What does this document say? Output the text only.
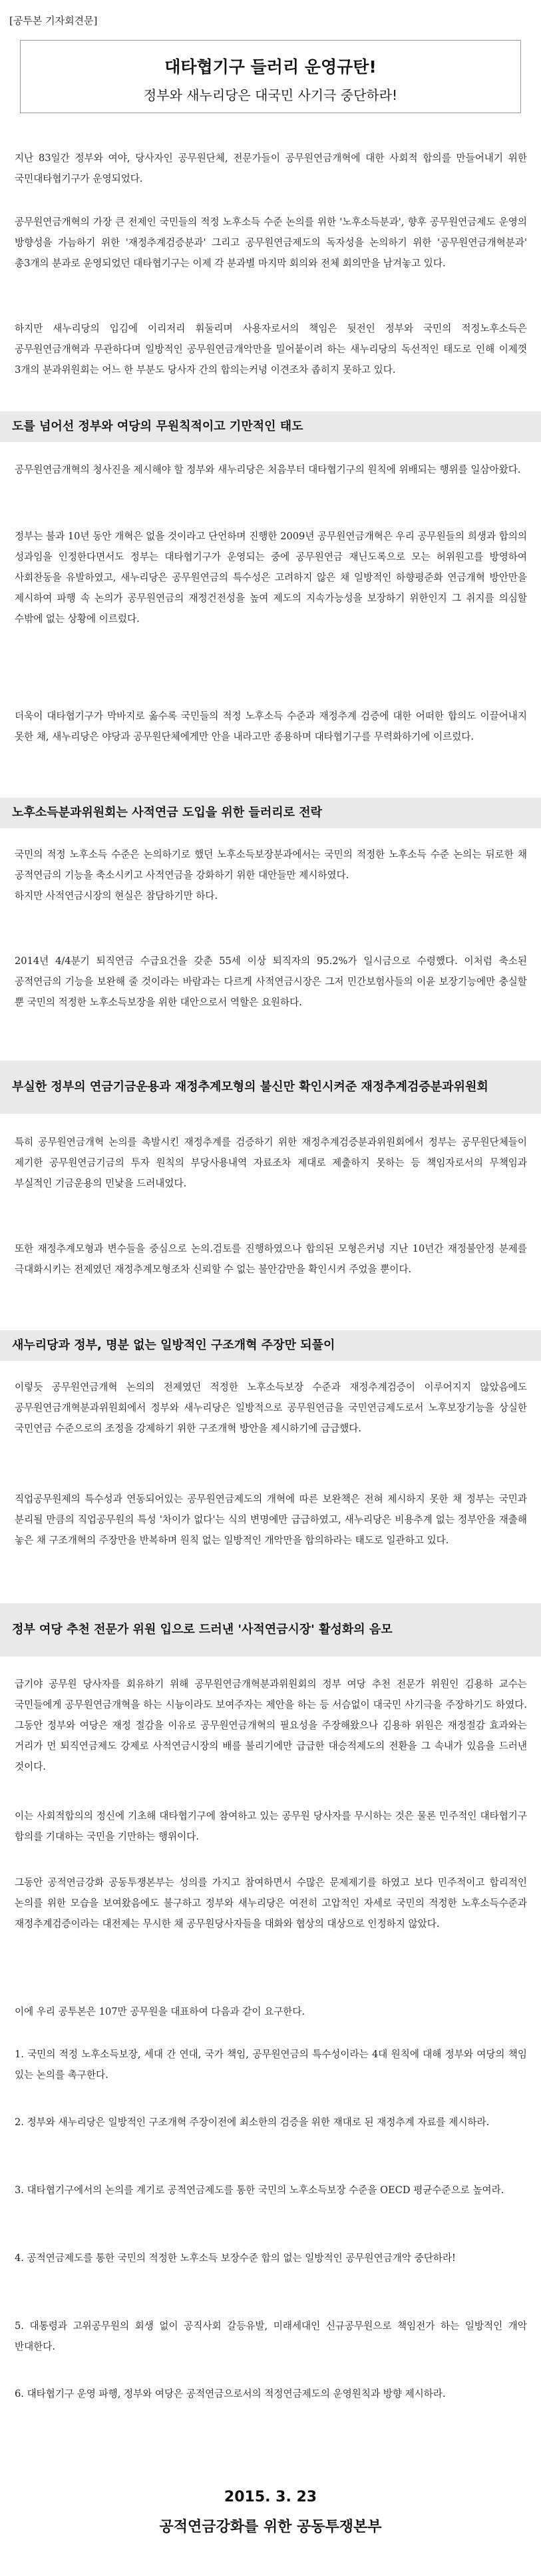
[공투본 기자회견문]
대타협기구 들러리 운영규탄!
정부와 새누리당은 대국민 사기극 중단하라!

지난 83일간 정부와 여야, 당사자인 공무원단체, 전문가들이 공무원연금개혁에 대한 사회적 합의를 만들어내기 위한 국민대타협기구가 운영되었다.

공무원연금개혁의 가장 큰 전제인 국민들의 적정 노후소득 수준 논의를 위한 '노후소득분과', 향후 공무원연금제도 운영의 방향성을 가늠하기 위한 '재정추계검증분과' 그리고 공무원연금제도의 독자성을 논의하기 위한 '공무원연금개혁분과' 총3개의 분과로 운영되었던 대타협기구는 이제 각 분과별 마지막 회의와 전체 회의만을 남겨놓고 있다.

하지만 새누리당의 입김에 이리저리 휘둘리며 사용자로서의 책임은 뒷전인 정부와 국민의 적정노후소득은 공무원연금개혁과 무관하다며 일방적인 공무원연금개악만을 밀어붙이려 하는 새누리당의 독선적인 태도로 인해 이제껏 3개의 분과위원회는 어느 한 부분도 당사자 간의 합의는커녕 이견조차 좁히지 못하고 있다.

도를 넘어선 정부와 여당의 무원칙적이고 기만적인 태도

공무원연금개혁의 청사진을 제시해야 할 정부와 새누리당은 처음부터 대타협기구의 원칙에 위배되는 행위를 일삼아왔다.

정부는 불과 10년 동안 개혁은 없을 것이라고 단언하며 진행한 2009년 공무원연금개혁은 우리 공무원들의 희생과 합의의 성과임을 인정한다면서도 정부는 대타협기구가 운영되는 중에 공무원연금 재닌도록으로 모는 허위원고를 방영하여 사회찬동을 유발하였고, 새누리당은 공무원연금의 특수성은 고려하지 않은 채 일방적인 하향평준화 연금개혁 방안만을 제시하여 파행 속 논의가 공무원연금의 재정건전성을 높여 제도의 지속가능성을 보장하기 위한인지 그 취지를 의심할 수밖에 없는 상황에 이르렀다.

더욱이 대타협기구가 막바지로 옮수록 국민들의 적정 노후소득 수준과 재정추계 검증에 대한 어떠한 합의도 이끌어내지 못한 채, 새누리당은 야당과 공무원단체에게만 안을 내라고만 종용하며 대타협기구를 무력화하기에 이르렀다.

노후소득분과위원회는 사적연금 도입을 위한 들러리로 전락

국민의 적정 노후소득 수준은 논의하기로 했던 노후소득보장분과에서는 국민의 적정한 노후소득 수준 논의는 뒤로한 채 공적연금의 기능을 축소시키고 사적연금을 강화하기 위한 대안들만 제시하였다.
하지만 사적연금시장의 현실은 참담하기만 하다.

2014년 4/4분기 퇴직연금 수급요건을 갖춘 55세 이상 퇴직자의 95.2%가 일시금으로 수령했다. 이처럼 축소된 공적연금의 기능을 보완해 줄 것이라는 바람과는 다르게 사적연금시장은 그저 민간보험사들의 이윤 보장기능에만 충실할 뿐 국민의 적정한 노후소득보장을 위한 대안으로서 역할은 요원하다.

부실한 정부의 연금기금운용과 재정추계모형의 불신만 확인시켜준 재정추계검증분과위원회

특히 공무원연금개혁 논의를 촉발시킨 재정추계를 검증하기 위한 재정추계검증분과위원회에서 정부는 공무원단체들이 제기한 공무원연금기금의 투자 원칙의 부당사용내역 자료조차 제대로 제출하지 못하는 등 책임자로서의 무책임과 부실적인 기금운용의 민낯을 드러내었다.

또한 재정추계모형과 변수들을 중심으로 논의.검토를 진행하였으나 합의된 모형은커녕 지난 10년간 재정불안정 분제를 극대화시키는 전제였던 재정추계모형조차 신뢰할 수 없는 불안감만을 확인시켜 주었을 뿐이다.

새누리당과 정부, 명분 없는 일방적인 구조개혁 주장만 되풀이

이렇듯 공무원연금개혁 논의의 전제였던 적정한 노후소득보장 수준과 재정추계검증이 이루어지지 않았음에도 공무원연금개혁분과위원회에서 정부와 새누리당은 일방적으로 공무원연금을 국민연금제도로서 노후보장기능을 상실한 국민연금 수준으로의 조정을 강제하기 위한 구조개혁 방안을 제시하기에 급급했다.

직업공무원제의 특수성과 연동되어있는 공무원연금제도의 개혁에 따른 보완책은 전혀 제시하지 못한 채 정부는 국민과 분리될 만큼의 직업공무원의 특성 '차이가 없다'는 식의 변명에만 급급하였고, 새누리당은 비용추계 없는 정부안을 재출해 놓은 채 구조개혁의 주장만을 반복하며 원칙 없는 일방적인 개악만을 합의하라는 태도로 일관하고 있다.

정부 여당 추천 전문가 위원 입으로 드러낸 '사적연금시장' 활성화의 음모

급기야 공무원 당사자를 회유하기 위해 공무원연금개혁분과위원회의 정부 여당 추천 전문가 위원인 김용하 교수는 국민들에게 공무원연금개혁을 하는 시늉이라도 보여주자는 제안을 하는 등 서슴없이 대국민 사기극을 주장하기도 하였다. 그동안 정부와 여당은 재정 절감을 이유로 공무원연금개혁의 필요성을 주장해왔으나 김용하 위원은 재정절감 효과와는 거리가 먼 퇴직연금제도 강제로 사적연금시장의 배를 불리기에만 급급한 대승적제도의 전환을 그 속내가 있음을 드러낸 것이다.

이는 사회적합의의 정신에 기초해 대타협기구에 참여하고 있는 공무원 당사자를 무시하는 것은 물론 민주적인 대타협기구 합의를 기대하는 국민을 기만하는 행위이다.

그동안 공적연금강화 공동투쟁본부는 성의를 가지고 참여하면서 수많은 문제제기를 하였고 보다 민주적이고 합리적인 논의를 위한 모습을 보여왔음에도 불구하고 정부와 새누리당은 여전히 고압적인 자세로 국민의 적정한 노후소득수준과 재정추계검증이라는 대전제는 무시한 채 공무원당사자들을 대화와 협상의 대상으로 인정하지 않았다.

이에 우리 공투본은 107만 공무원을 대표하여 다음과 같이 요구한다.

1. 국민의 적정 노후소득보장, 세대 간 연대, 국가 책임, 공무원연금의 특수성이라는 4대 원칙에 대해 정부와 여당의 책임 있는 논의를 촉구한다.

2. 정부와 새누리당은 일방적인 구조개혁 주장이전에 최소한의 검증을 위한 재대로 된 재정추계 자료를 제시하라.

3. 대타협기구에서의 논의를 계기로 공적연금제도를 통한 국민의 노후소득보장 수준을 OECD 평균수준으로 높여라.

4. 공적연금제도를 통한 국민의 적정한 노후소득 보장수준 합의 없는 일방적인 공무원연금개악 중단하라!

5. 대통령과 고위공무원의 회생 없이 공직사회 갈등유발, 미래세대인 신규공무원으로 책임전가 하는 일방적인 개악 반대한다.

6. 대타협기구 운영 파행, 정부와 여당은 공적연금으로서의 적정연금제도의 운영원칙과 방향 제시하라.

2015. 3. 23
공적연금강화를 위한 공동투쟁본부
